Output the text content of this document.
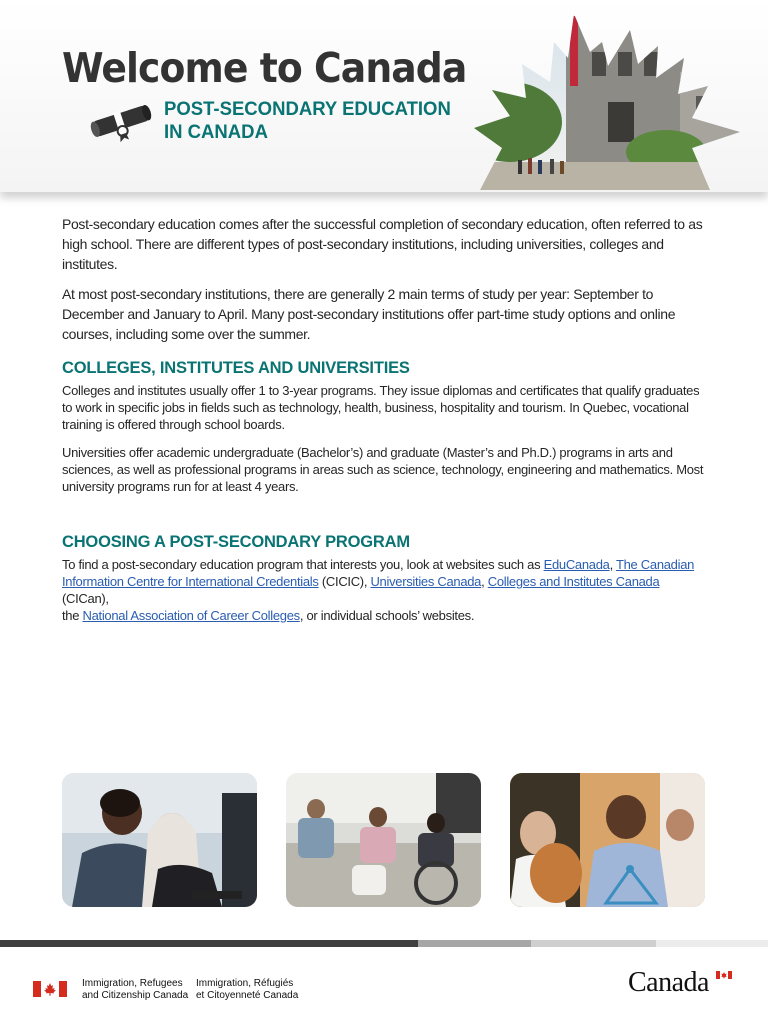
Welcome to Canada
POST-SECONDARY EDUCATION
IN CANADA

Post-secondary education comes after the successful completion of secondary education, often referred to as high school. There are different types of post-secondary institutions, including universities, colleges and institutes.

At most post-secondary institutions, there are generally 2 main terms of study per year: September to December and January to April. Many post-secondary institutions offer part-time study options and online courses, including some over the summer.

COLLEGES, INSTITUTES AND UNIVERSITIES

Colleges and institutes usually offer 1 to 3-year programs. They issue diplomas and certificates that qualify graduates to work in specific jobs in fields such as technology, health, business, hospitality and tourism. In Quebec, vocational training is offered through school boards.

Universities offer academic undergraduate (Bachelor’s) and graduate (Master’s and Ph.D.) programs in arts and sciences, as well as professional programs in areas such as science, technology, engineering and mathematics. Most university programs run for at least 4 years.

CHOOSING A POST-SECONDARY PROGRAM

To find a post-secondary education program that interests you, look at websites such as EduCanada, The Canadian Information Centre for International Credentials (CICIC), Universities Canada, Colleges and Institutes Canada (CICan),
the National Association of Career Colleges, or individual schools’ websites.

Immigration, Refugees
and Citizenship Canada
Immigration, Réfugiés
et Citoyenneté Canada	Canada
